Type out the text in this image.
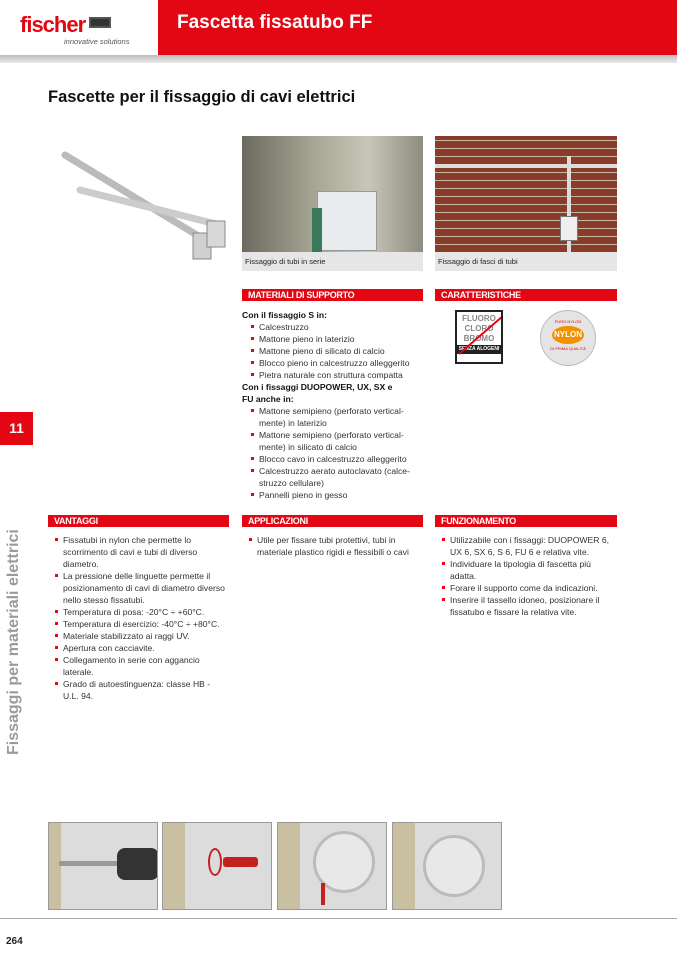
fischer
innovative solutions
Fascetta fissatubo FF
Fascette per il fissaggio di cavi elettrici
Fissaggio di tubi in serie	Fissaggio di fasci di tubi
MATERIALI DI SUPPORTO
Con il fissaggio S in:
Calcestruzzo
Mattone pieno in laterizio
Mattone pieno di silicato di calcio
Blocco pieno in calcestruzzo alleggerito
Pietra naturale con struttura compatta
Con i fissaggi DUOPOWER, UX, SX e FU anche in:
Mattone semipieno (perforato vertical-mente) in laterizio
Mattone semipieno (perforato vertical-mente) in silicato di calcio
Blocco cavo in calcestruzzo alleggerito
Calcestruzzo aerato autoclavato (calce-struzzo cellulare)
Pannelli pieno in gesso
CARATTERISTICHE
FLUORO
CLORO
BROMO
SENZA ALOGENI
PURO NYLON
NYLON
DI PRIMA QUALITÀ
11
Fissaggi per materiali elettrici
VANTAGGI
Fissatubi in nylon che permette lo scorrimento di cavi e tubi di diverso diametro.
La pressione delle linguette permette il posizionamento di cavi di diametro diverso nello stesso fissatubi.
Temperatura di posa: -20°C ÷ +60°C.
Temperatura di esercizio: -40°C ÷ +80°C.
Materiale stabilizzato ai raggi UV.
Apertura con cacciavite.
Collegamento in serie con aggancio laterale.
Grado di autoestinguenza: classe HB - U.L. 94.
APPLICAZIONI
Utile per fissare tubi protettivi, tubi in materiale plastico rigidi e flessibili o cavi
FUNZIONAMENTO
Utilizzabile con i fissaggi: DUOPOWER 6, UX 6, SX 6, S 6, FU 6 e relativa vite.
Individuare la tipologia di fascetta più adatta.
Forare il supporto come da indicazioni.
Inserire il tassello idoneo, posizionare il fissatubo e fissare la relativa vite.
264
